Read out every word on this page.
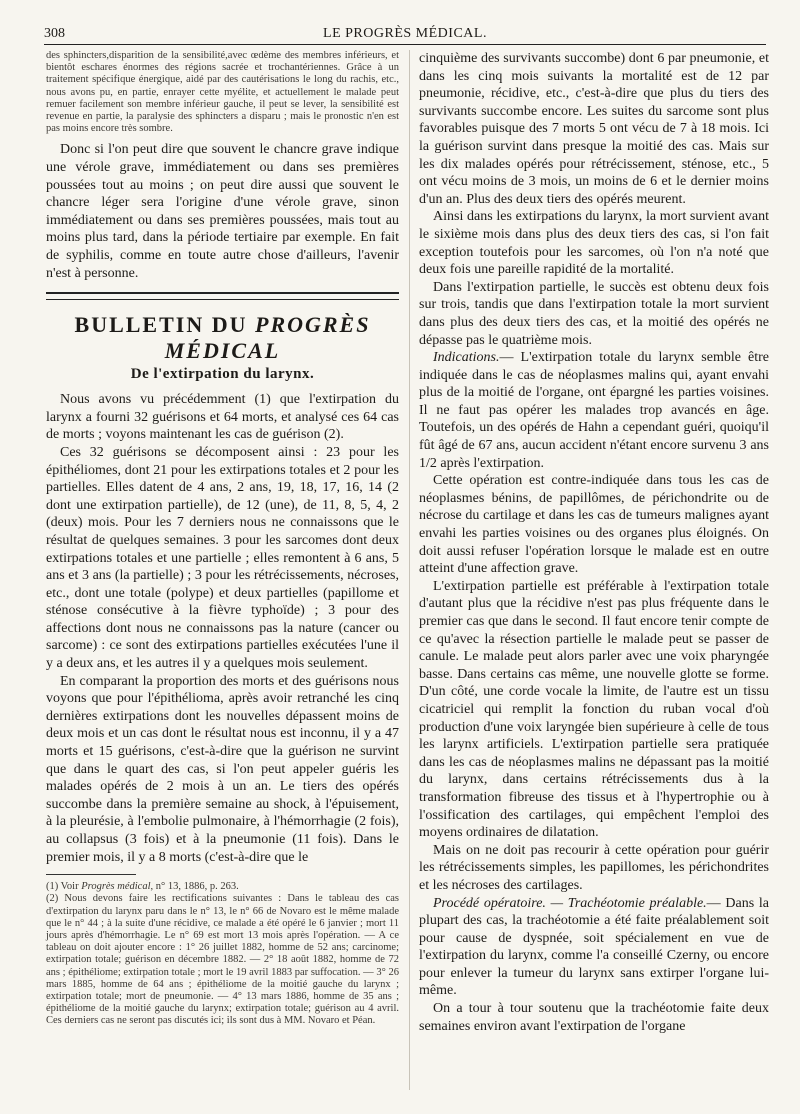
308	LE PROGRÈS MÉDICAL.

des sphincters,disparition de la sensibilité,avec œdème des membres inférieurs, et bientôt eschares énormes des régions sacrée et trochantériennes. Grâce à un traitement spécifique énergique, aidé par des cautérisations le long du rachis, etc., nous avons pu, en partie, enrayer cette myélite, et actuellement le malade peut remuer facilement son membre inférieur gauche, il peut se lever, la sensibilité est revenue en partie, la paralysie des sphincters a disparu ; mais le pronostic n'en est pas moins encore très sombre.

Donc si l'on peut dire que souvent le chancre grave indique une vérole grave, immédiatement ou dans ses premières poussées tout au moins ; on peut dire aussi que souvent le chancre léger sera l'origine d'une vérole grave, sinon immédiatement ou dans ses premières poussées, mais tout au moins plus tard, dans la période tertiaire par exemple. En fait de syphilis, comme en toute autre chose d'ailleurs, l'avenir n'est à personne.

BULLETIN DU PROGRÈS MÉDICAL
De l'extirpation du larynx.

Nous avons vu précédemment (1) que l'extirpation du larynx a fourni 32 guérisons et 64 morts, et analysé ces 64 cas de morts ; voyons maintenant les cas de guérison (2).

Ces 32 guérisons se décomposent ainsi : 23 pour les épithéliomes, dont 21 pour les extirpations totales et 2 pour les partielles. Elles datent de 4 ans, 2 ans, 19, 18, 17, 16, 14 (2 dont une extirpation partielle), de 12 (une), de 11, 8, 5, 4, 2 (deux) mois. Pour les 7 derniers nous ne connaissons que le résultat de quelques semaines. 3 pour les sarcomes dont deux extirpations totales et une partielle ; elles remontent à 6 ans, 5 ans et 3 ans (la partielle) ; 3 pour les rétrécissements, nécroses, etc., dont une totale (polype) et deux partielles (papillome et sténose consécutive à la fièvre typhoïde) ; 3 pour des affections dont nous ne connaissons pas la nature (cancer ou sarcome) : ce sont des extirpations partielles exécutées l'une il y a deux ans, et les autres il y a quelques mois seulement.

En comparant la proportion des morts et des guérisons nous voyons que pour l'épithélioma, après avoir retranché les cinq dernières extirpations dont les nouvelles dépassent moins de deux mois et un cas dont le résultat nous est inconnu, il y a 47 morts et 15 guérisons, c'est-à-dire que la guérison ne survint que dans le quart des cas, si l'on peut appeler guéris les malades opérés de 2 mois à un an. Le tiers des opérés succombe dans la première semaine au shock, à l'épuisement, à la pleurésie, à l'embolie pulmonaire, à l'hémorrhagie (2 fois), au collapsus (3 fois) et à la pneumonie (11 fois). Dans le premier mois, il y a 8 morts (c'est-à-dire que le

(1) Voir Progrès médical, n° 13, 1886, p. 263.

(2) Nous devons faire les rectifications suivantes : Dans le tableau des cas d'extirpation du larynx paru dans le n° 13, le n° 66 de Novaro est le même malade que le n° 44 ; à la suite d'une récidive, ce malade a été opéré le 6 janvier ; mort 11 jours après d'hémorrhagie. Le n° 69 est mort 13 mois après l'opération. — A ce tableau on doit ajouter encore : 1° 26 juillet 1882, homme de 52 ans; carcinome; extirpation totale; guérison en décembre 1882. — 2° 18 août 1882, homme de 72 ans ; épithéliome; extirpation totale ; mort le 19 avril 1883 par suffocation. — 3° 26 mars 1885, homme de 64 ans ; épithéliome de la moitié gauche du larynx ; extirpation totale; mort de pneumonie. — 4° 13 mars 1886, homme de 35 ans ; épithéliome de la moitié gauche du larynx; extirpation totale; guérison au 4 avril. Ces derniers cas ne seront pas discutés ici; ils sont dus à MM. Novaro et Péan.

cinquième des survivants succombe) dont 6 par pneumonie, et dans les cinq mois suivants la mortalité est de 12 par pneumonie, récidive, etc., c'est-à-dire que plus du tiers des survivants succombe encore. Les suites du sarcome sont plus favorables puisque des 7 morts 5 ont vécu de 7 à 18 mois. Ici la guérison survint dans presque la moitié des cas. Mais sur les dix malades opérés pour rétrécissement, sténose, etc., 5 ont vécu moins de 3 mois, un moins de 6 et le dernier moins d'un an. Plus des deux tiers des opérés meurent.

Ainsi dans les extirpations du larynx, la mort survient avant le sixième mois dans plus des deux tiers des cas, si l'on fait exception toutefois pour les sarcomes, où l'on n'a noté que deux fois une pareille rapidité de la mortalité.

Dans l'extirpation partielle, le succès est obtenu deux fois sur trois, tandis que dans l'extirpation totale la mort survient dans plus des deux tiers des cas, et la moitié des opérés ne dépasse pas le quatrième mois.

Indications.— L'extirpation totale du larynx semble être indiquée dans le cas de néoplasmes malins qui, ayant envahi plus de la moitié de l'organe, ont épargné les parties voisines. Il ne faut pas opérer les malades trop avancés en âge. Toutefois, un des opérés de Hahn a cependant guéri, quoiqu'il fût âgé de 67 ans, aucun accident n'étant encore survenu 3 ans 1/2 après l'extirpation.

Cette opération est contre-indiquée dans tous les cas de néoplasmes bénins, de papillômes, de périchondrite ou de nécrose du cartilage et dans les cas de tumeurs malignes ayant envahi les parties voisines ou des organes plus éloignés. On doit aussi refuser l'opération lorsque le malade est en outre atteint d'une affection grave.

L'extirpation partielle est préférable à l'extirpation totale d'autant plus que la récidive n'est pas plus fréquente dans le premier cas que dans le second. Il faut encore tenir compte de ce qu'avec la résection partielle le malade peut se passer de canule. Le malade peut alors parler avec une voix pharyngée basse. Dans certains cas même, une nouvelle glotte se forme. D'un côté, une corde vocale la limite, de l'autre est un tissu cicatriciel qui remplit la fonction du ruban vocal d'où production d'une voix laryngée bien supérieure à celle de tous les larynx artificiels. L'extirpation partielle sera pratiquée dans les cas de néoplasmes malins ne dépassant pas la moitié du larynx, dans certains rétrécissements dus à la transformation fibreuse des tissus et à l'hypertrophie ou à l'ossification des cartilages, qui empêchent l'emploi des moyens ordinaires de dilatation.

Mais on ne doit pas recourir à cette opération pour guérir les rétrécissements simples, les papillomes, les périchondrites et les nécroses des cartilages.

Procédé opératoire. — Trachéotomie préalable.— Dans la plupart des cas, la trachéotomie a été faite préalablement soit pour cause de dyspnée, soit spécialement en vue de l'extirpation du larynx, comme l'a conseillé Czerny, ou encore pour enlever la tumeur du larynx sans extirper l'organe lui-même.

On a tour à tour soutenu que la trachéotomie faite deux semaines environ avant l'extirpation de l'organe
